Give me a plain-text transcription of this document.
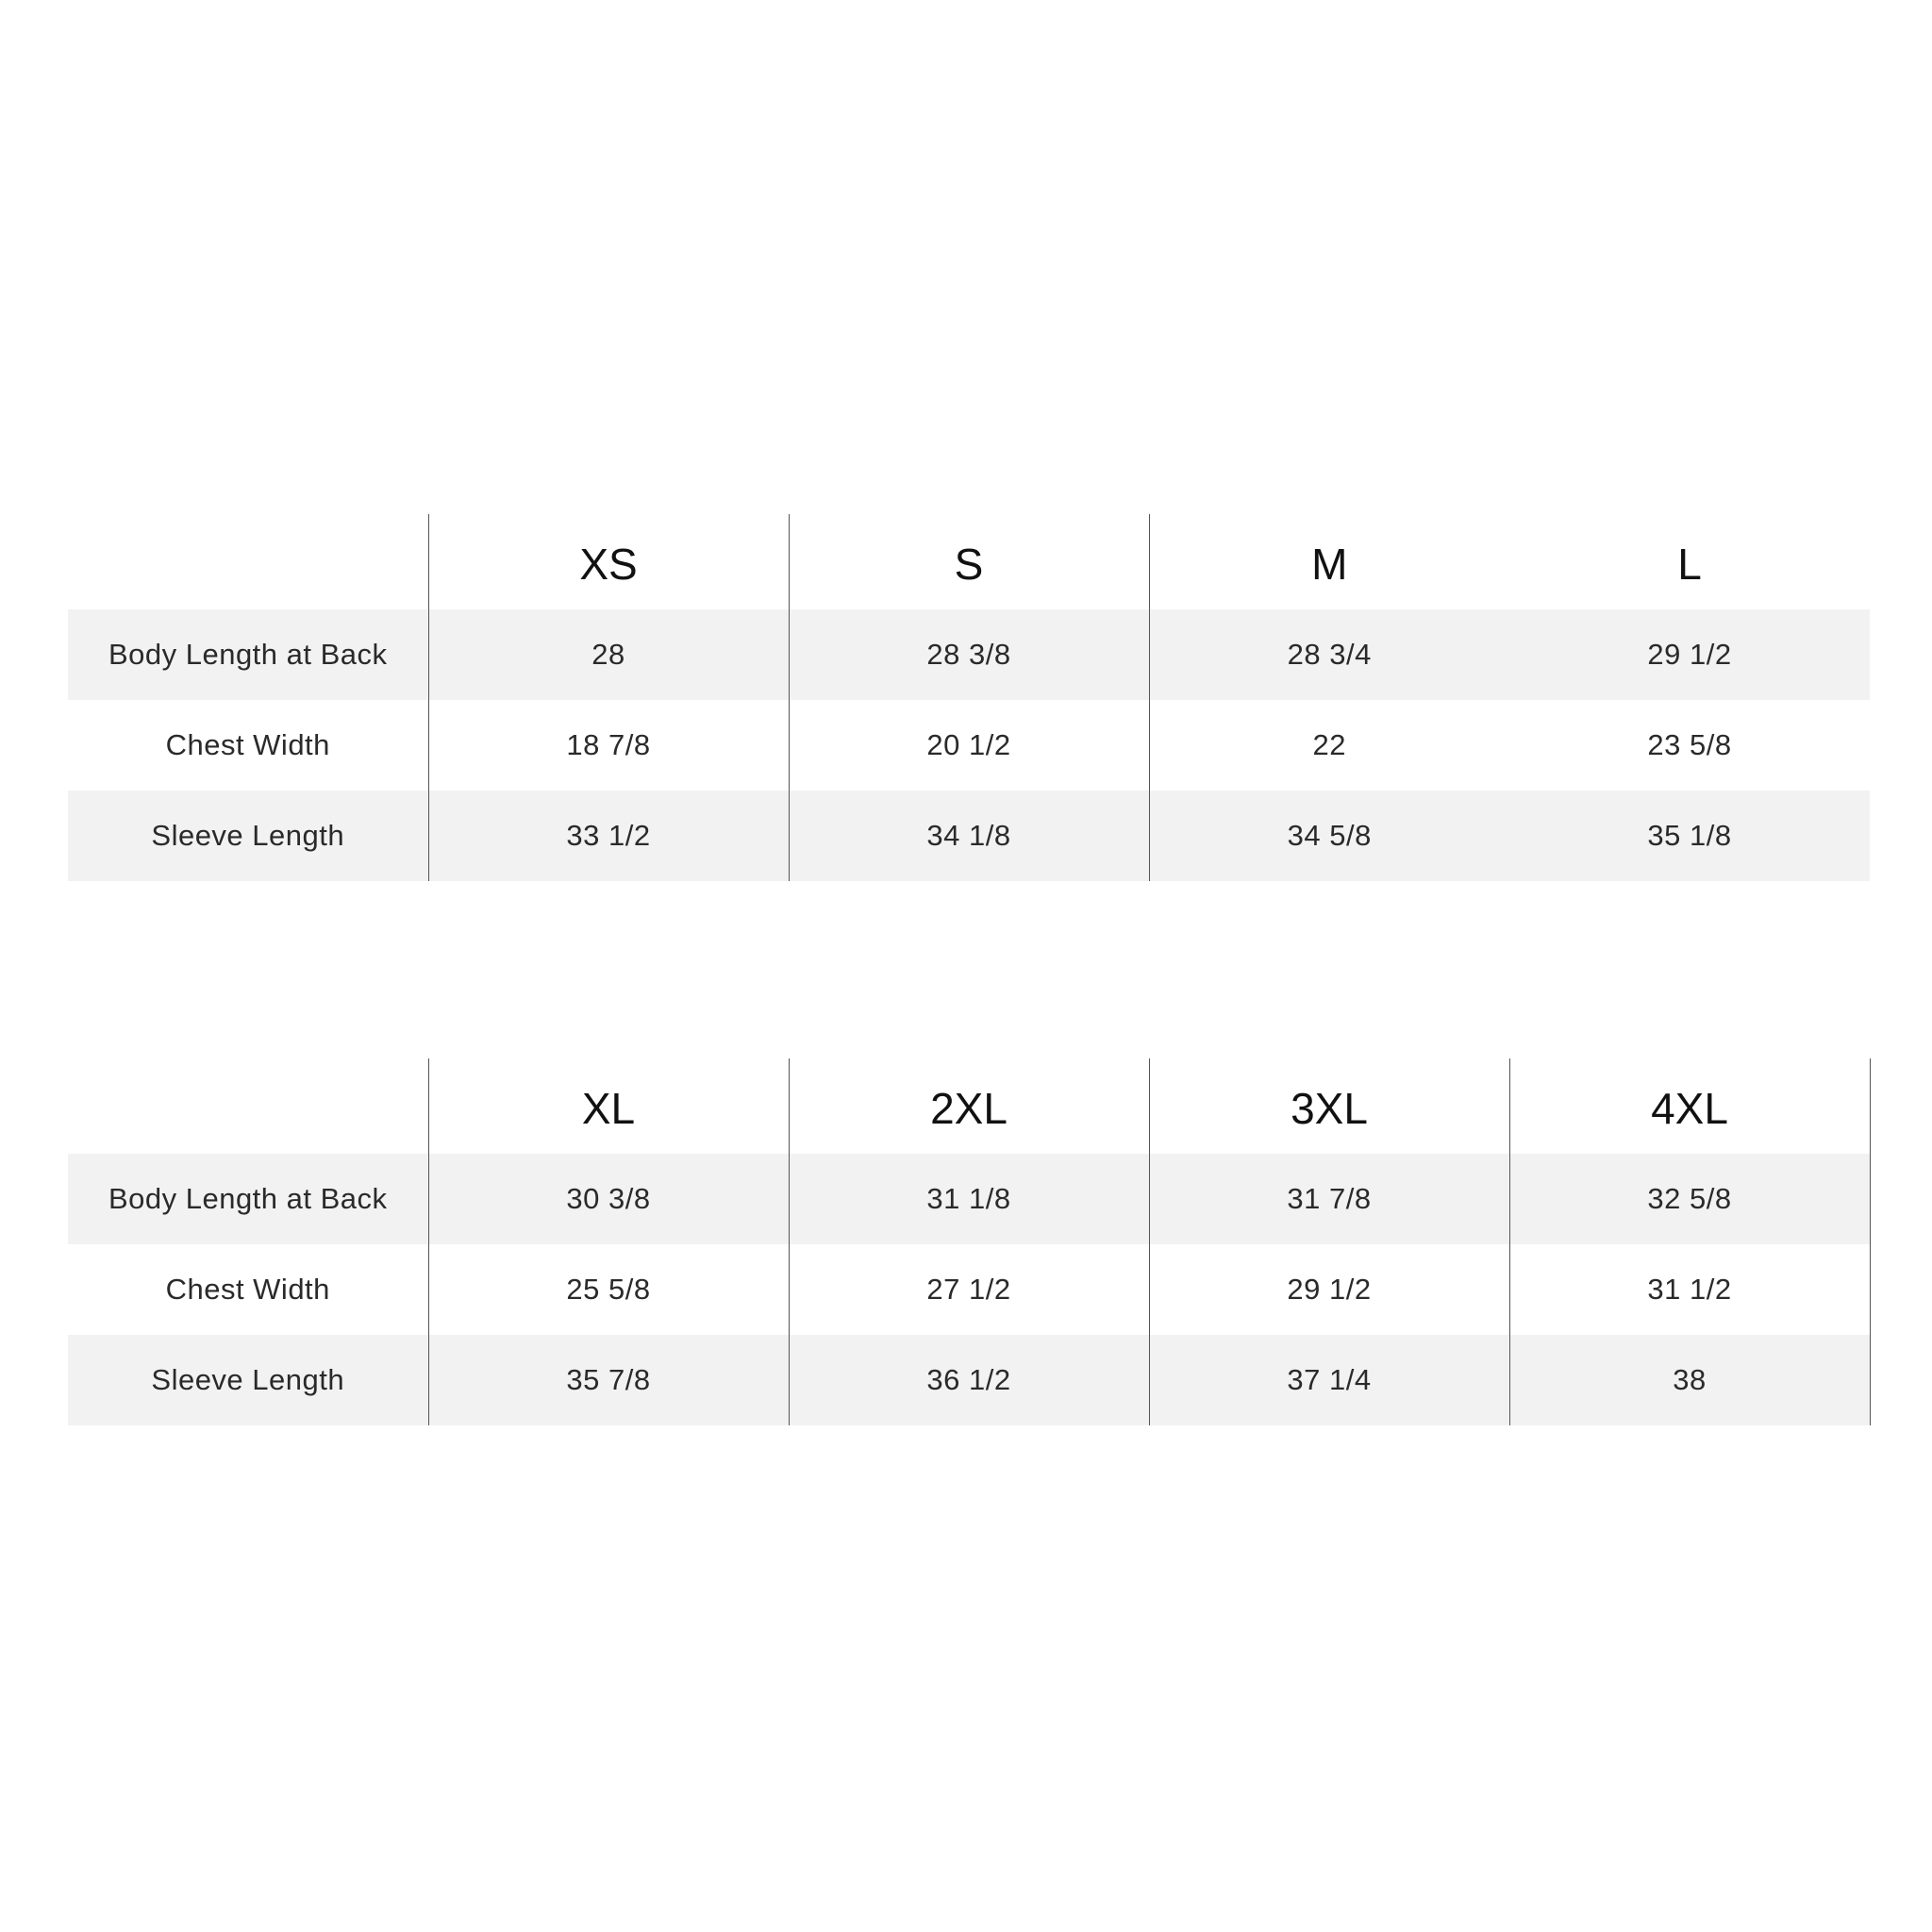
	XS	S	M	L
Body Length at Back	28	28 3/8	28 3/4	29 1/2
Chest Width	18 7/8	20 1/2	22	23 5/8
Sleeve Length	33 1/2	34 1/8	34 5/8	35 1/8
	XL	2XL	3XL	4XL
Body Length at Back	30 3/8	31 1/8	31 7/8	32 5/8
Chest Width	25 5/8	27 1/2	29 1/2	31 1/2
Sleeve Length	35 7/8	36 1/2	37 1/4	38
